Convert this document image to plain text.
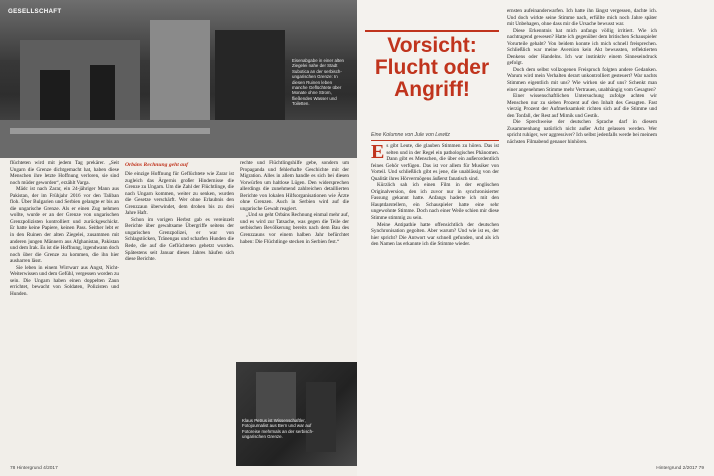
GESELLSCHAFT
Eisenabgabe in einer alten Ziegelei nahe der Stadt Subotica an der serbisch-ungarischen Grenze: In diesen Ruinen leben manche Geflüchtete über Monate ohne Strom, fließendes Wasser und Toiletten.

flüchteten wird mit jedem Tag prekärer. „Seit Ungarn die Grenze dichtgemacht hat, haben diese Menschen ihre letzte Hoffnung verloren, sie sind noch müder geworden“, erzählt Varga.

Mädc ist nach Zarar, ein 24-jähriger Mann aus Pakistan, der im Frühjahr 2016 vor den Taliban floh. Über Bulgarien und Serbien gelangte er bis an die ungarische Grenze. Als er einen Zug nehmen wollte, wurde er an der Grenze von ungarischen Grenzpolizisten kontrolliert und zurückgeschickt. Er hatte keine Papiere, keinen Pass. Seither lebt er in den Ruinen der alten Ziegelei, zusammen mit anderen jungen Männern aus Afghanistan, Pakistan und dem Irak. Es ist die Hoffnung, irgendwann doch noch über die Grenze zu kommen, die ihn hier ausharren lässt.

Sie leben in einem Wirrwarr aus Angst, Nicht-Weiterwissen und dem Gefühl, vergessen worden zu sein. Die Ungarn haben einen doppelten Zaun errichtet, bewacht von Soldaten, Polizisten und Hunden.

Orbáns Rechnung geht auf

Die einzige Hoffnung für Geflüchtete wie Zarar ist zugleich das Ärgernis großer Hindernisse die Grenze zu Ungarn. Um die Zahl der Flüchtlinge, die nach Ungarn kommen, weiter zu senken, wurden die Gesetze verschärft. Wer ohne Erlaubnis den Grenzzaun überwindet, dem drohen bis zu drei Jahre Haft.

Schon im vorigen Herbst gab es vereinzelt Berichte über gewaltsame Übergriffe seitens der ungarischen Grenzpolizei, er war von Schlagstöcken, Tränengas und scharfen Hunden die Rede, die auf die Geflüchteten gehetzt wurden. Spätestens seit Januar dieses Jahres häufen sich diese Berichte.

rechte und Flüchtlingshilfe gebe, sondern um Propaganda und fehlerhafte Geschichte mit der Migration. Alles in allem handle es sich bei diesen Vorwürfen um haltlose Lügen. Den widersprechen allerdings die zunehmend zahlreichen detaillierten Berichte von lokalen Hilfsorganisationen wie Ärzte ohne Grenzen. Auch in Serbien wird auf die ungarische Gewalt reagiert.

„Und so geht Orbáns Rechnung einmal mehr auf, und es wird zur Tatsache, was gegen die Teile der serbischen Bevölkerung bereits nach dem Bau des Grenzzauns vor einem halben Jahr befürchtet haben: Die Flüchtlinge stecken in Serbien fest.“

Klaus Petrus ist Wissenschaftler, Fotojournalist aus Bern und war auf Fotoreise mehrmals an der serbisch-ungarischen Grenze.
78 Hintergrund 4/2017
Vorsicht: Flucht oder Angriff!
Eine Kolumne von Jule von Lewitz

Es gibt Leute, die glauben Stimmen zu hören. Das ist selten und in der Regel ein pathologisches Phänomen. Dann gibt es Menschen, die über ein außerordentlich feines Gehör verfügen. Das ist vor allem für Musiker von Vorteil. Und schließlich gibt es jene, die unablässig von der Qualität ihres Hörvermögens äußerst fanatisch sind.

Kürzlich sah ich einen Film in der englischen Originalversion, den ich zuvor nur in synchronisierter Fassung gekannt hatte. Anfangs haderte ich mit den Hauptdarstellern, ein Schauspieler hatte eine sehr ungewohnte Stimme. Doch nach einer Weile schien mir diese Stimme stimmig zu sein.

Meine Antipathie hatte offensichtlich der deutschen Synchronisation gegolten. Aber warum? Und wie ist es, der hier spricht? Die Antwort war schnell gefunden, und als ich den Namen las erkannte ich die Stimme wieder.

ernsten aufeinanderwarfen. Ich hatte ihn längst vergessen, dachte ich. Und doch wirkte seine Stimme nach, erfüllte mich noch Jahre später mit Unbehagen, ohne dass mir die Ursache bewusst war.

Diese Erkenntnis hat mich anfangs völlig irritiert. Wie ich nachtragend gewesen? Hatte ich gegenüber dem britischen Schauspieler Vorurteile gehabt? Von beidem konnte ich mich schnell freisprechen. Schließlich war meine Aversion kein Akt bewussten, reflektierten Denkens oder Handelns. Ich war instinktiv einem Sinneseindruck gefolgt.

Doch dem selbst vollzogenen Freispruch folgten andere Gedanken. Warum wird mein Verhalten derart unkontrolliert gesteuert? War nachts Stimmen eigentlich mit uns? Wie wirken sie auf uns? Schenkt man einer angenehmen Stimme mehr Vertrauen, unabhängig vom Gesagten?

Einer wissenschaftlichen Untersuchung zufolge achten wir Menschen nur zu sieben Prozent auf den Inhalt des Gesagten. Fast vierzig Prozent der Aufmerksamkeit richten sich auf die Stimme und den Tonfall, der Rest auf Mimik und Gestik.

Die Sprechweise der deutschen Sprache darf in diesem Zusammenhang natürlich nicht außer Acht gelassen werden. Wer spricht ruhiger, wer aggressiver? Ich selbst jedenfalls werde bei meinem nächsten Filmabend genauer hinhören.

Hintergrund 2/2017 79
